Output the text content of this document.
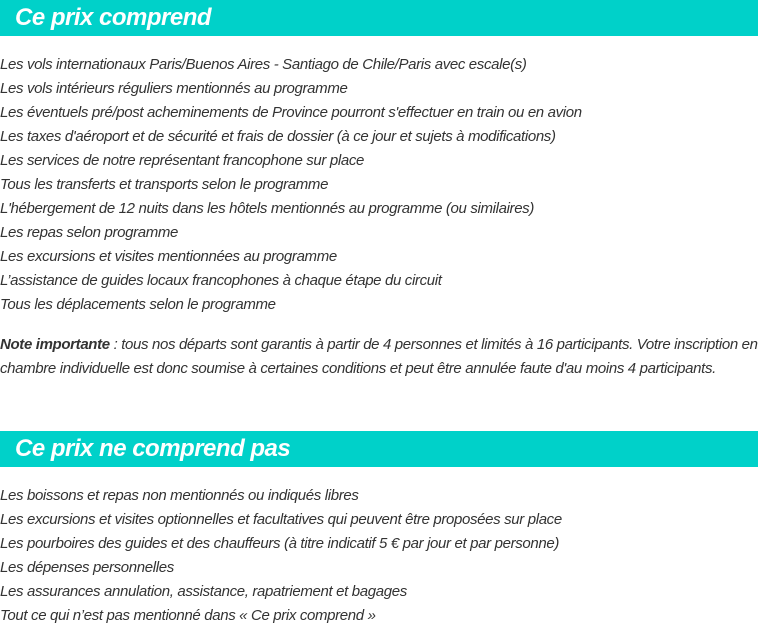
Ce prix comprend
Les vols internationaux Paris/Buenos Aires - Santiago de Chile/Paris avec escale(s)
Les vols intérieurs réguliers mentionnés au programme
Les éventuels pré/post acheminements de Province pourront s'effectuer en train ou en avion
Les taxes d'aéroport et de sécurité et frais de dossier (à ce jour et sujets à modifications)
Les services de notre représentant francophone sur place
Tous les transferts et transports selon le programme
L'hébergement de 12 nuits dans les hôtels mentionnés au programme (ou similaires)
Les repas selon programme
Les excursions et visites mentionnées au programme
L’assistance de guides locaux francophones à chaque étape du circuit
Tous les déplacements selon le programme

Note importante : tous nos départs sont garantis à partir de 4 personnes et limités à 16 participants. Votre inscription en chambre individuelle est donc soumise à certaines conditions et peut être annulée faute d'au moins 4 participants.

Ce prix ne comprend pas
Les boissons et repas non mentionnés ou indiqués libres
Les excursions et visites optionnelles et facultatives qui peuvent être proposées sur place
Les pourboires des guides et des chauffeurs (à titre indicatif 5 € par jour et par personne)
Les dépenses personnelles
Les assurances annulation, assistance, rapatriement et bagages
Tout ce qui n’est pas mentionné dans « Ce prix comprend »
